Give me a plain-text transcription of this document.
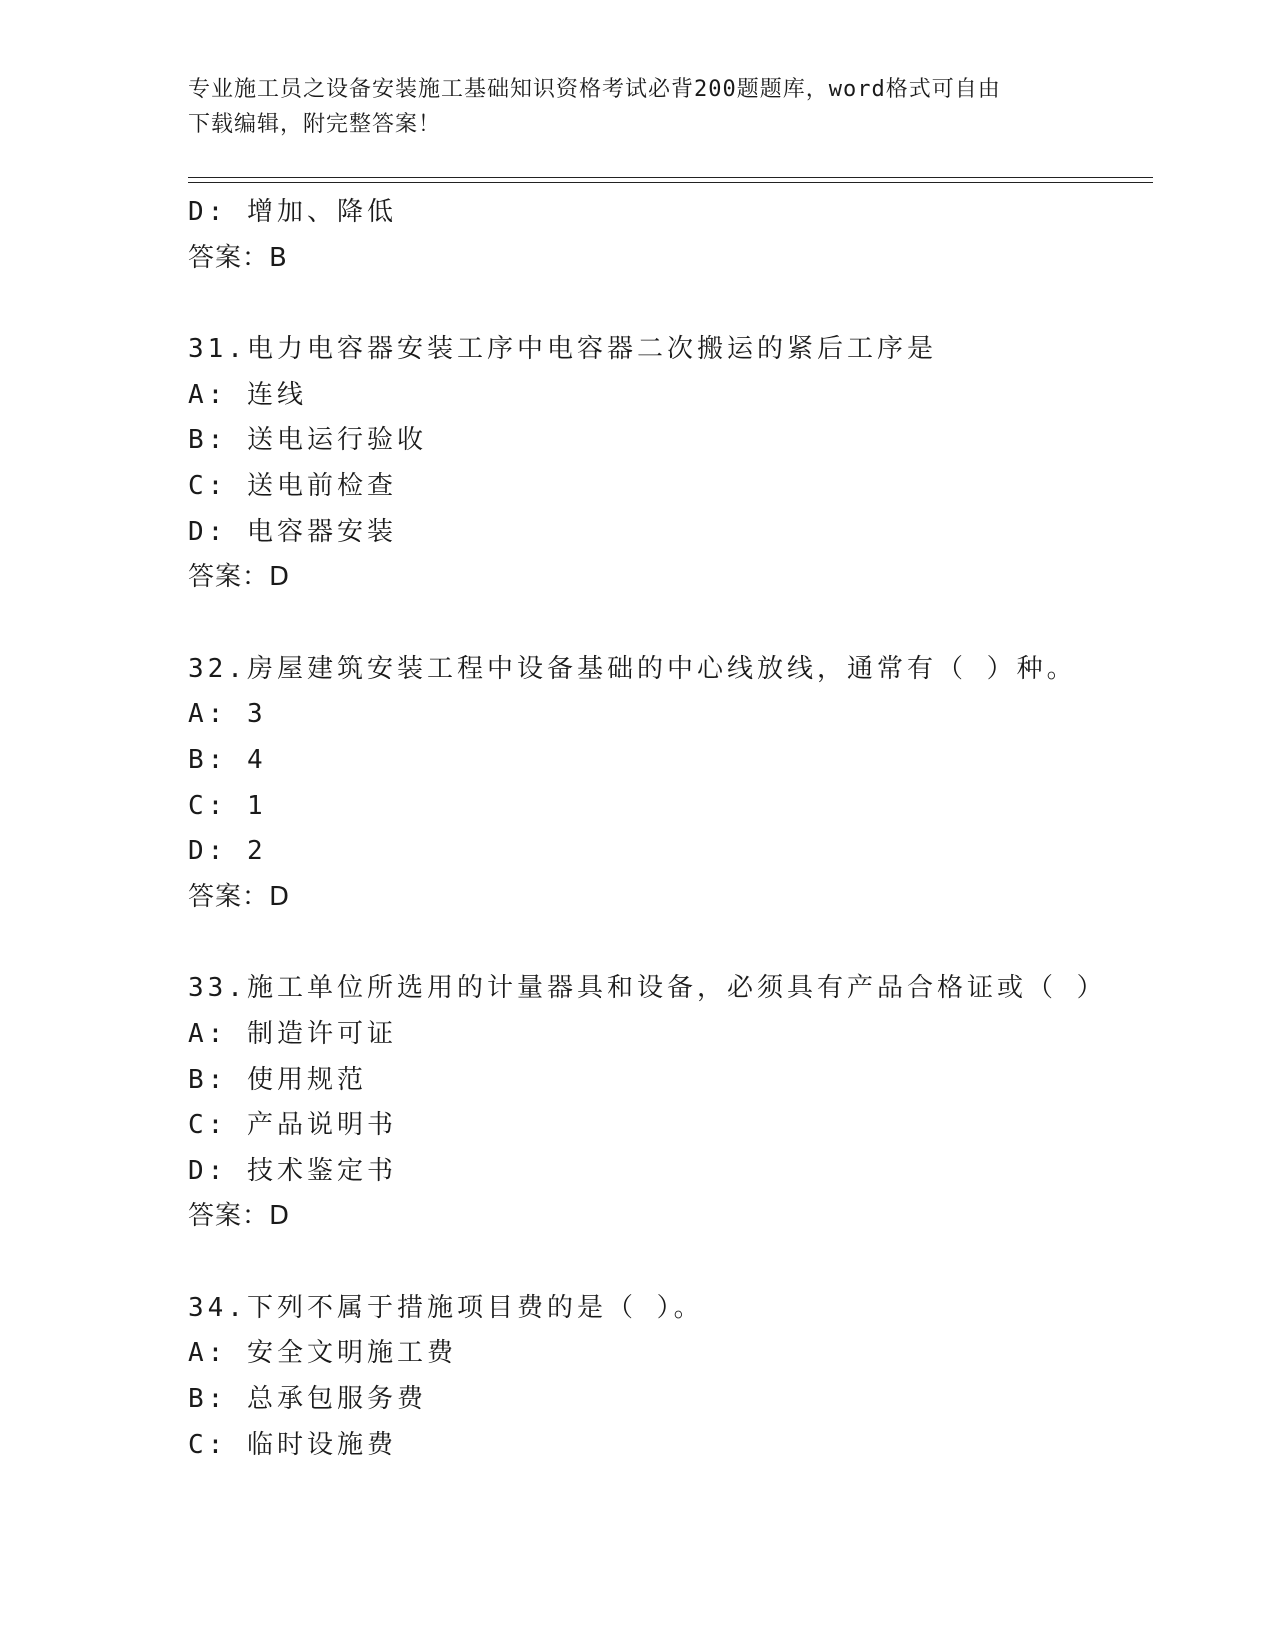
专业施工员之设备安装施工基础知识资格考试必背200题题库，word格式可自由
下载编辑，附完整答案！
D: 增加、降低
答案：B
31.电力电容器安装工序中电容器二次搬运的紧后工序是
A: 连线
B: 送电运行验收
C: 送电前检查
D: 电容器安装
答案：D
32.房屋建筑安装工程中设备基础的中心线放线，通常有（ ）种。
A: 3
B: 4
C: 1
D: 2
答案：D
33.施工单位所选用的计量器具和设备，必须具有产品合格证或（ ）
A: 制造许可证
B: 使用规范
C: 产品说明书
D: 技术鉴定书
答案：D
34.下列不属于措施项目费的是（ ）。
A: 安全文明施工费
B: 总承包服务费
C: 临时设施费
